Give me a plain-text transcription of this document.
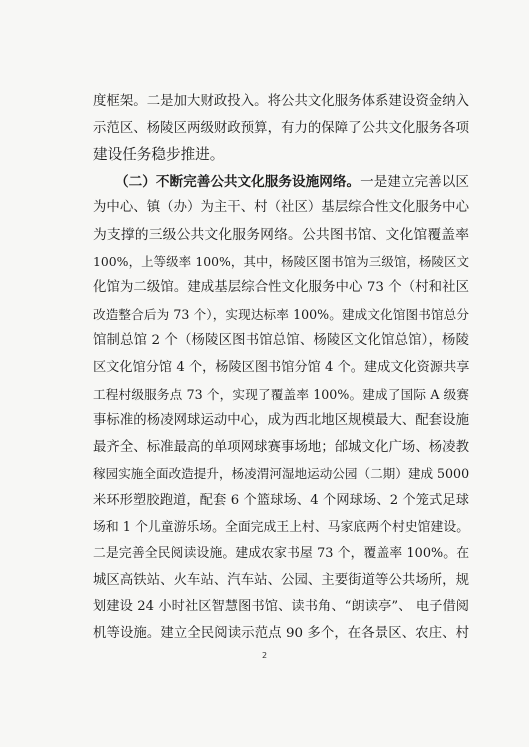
度框架。二是加大财政投入。将公共文化服务体系建设资金纳入
示范区、杨陵区两级财政预算，有力的保障了公共文化服务各项
建设任务稳步推进。
（二）不断完善公共文化服务设施网络。一是建立完善以区
为中心、镇（办）为主干、村（社区）基层综合性文化服务中心
为支撑的三级公共文化服务网络。公共图书馆、文化馆覆盖率
100%，上等级率 100%，其中，杨陵区图书馆为三级馆，杨陵区文
化馆为二级馆。建成基层综合性文化服务中心 73 个（村和社区
改造整合后为 73 个），实现达标率 100%。建成文化馆图书馆总分
馆制总馆 2 个（杨陵区图书馆总馆、杨陵区文化馆总馆），杨陵
区文化馆分馆 4 个，杨陵区图书馆分馆 4 个。建成文化资源共享
工程村级服务点 73 个，实现了覆盖率 100%。建成了国际 A 级赛
事标准的杨凌网球运动中心，成为西北地区规模最大、配套设施
最齐全、标准最高的单项网球赛事场地；邰城文化广场、杨凌教
稼园实施全面改造提升，杨凌渭河湿地运动公园（二期）建成 5000
米环形塑胶跑道，配套 6 个篮球场、4 个网球场、2 个笼式足球
场和 1 个儿童游乐场。全面完成王上村、马家底两个村史馆建设。
二是完善全民阅读设施。建成农家书屋 73 个，覆盖率 100%。在
城区高铁站、火车站、汽车站、公园、主要街道等公共场所，规
划建设 24 小时社区智慧图书馆、读书角、“朗读亭”、 电子借阅
机等设施。建立全民阅读示范点 90 多个，在各景区、农庄、村
2
